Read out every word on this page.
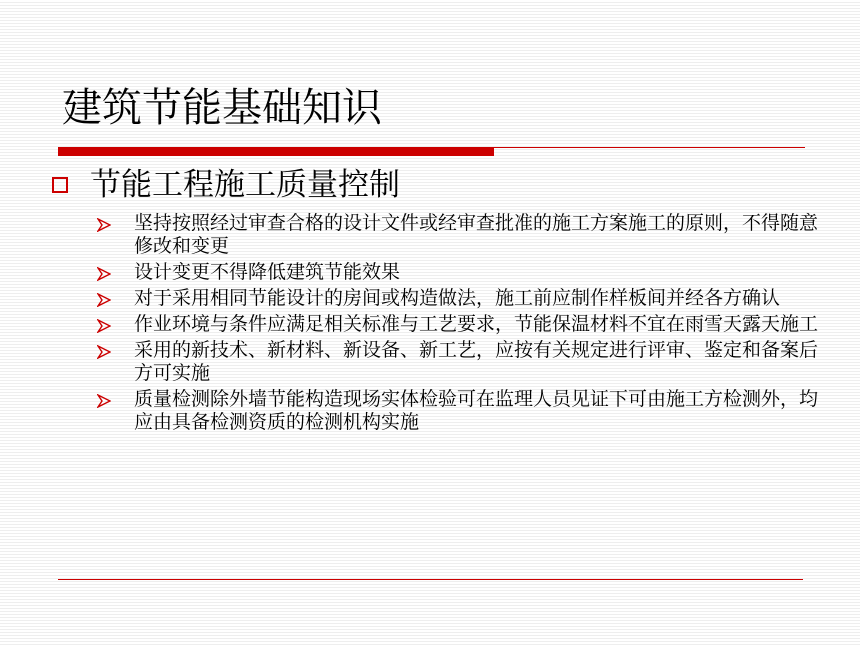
建筑节能基础知识
节能工程施工质量控制
坚持按照经过审查合格的设计文件或经审查批准的施工方案施工的原则，不得随意修改和变更
设计变更不得降低建筑节能效果
对于采用相同节能设计的房间或构造做法，施工前应制作样板间并经各方确认
作业环境与条件应满足相关标准与工艺要求，节能保温材料不宜在雨雪天露天施工
采用的新技术、新材料、新设备、新工艺，应按有关规定进行评审、鉴定和备案后方可实施
质量检测除外墙节能构造现场实体检验可在监理人员见证下可由施工方检测外，均应由具备检测资质的检测机构实施
